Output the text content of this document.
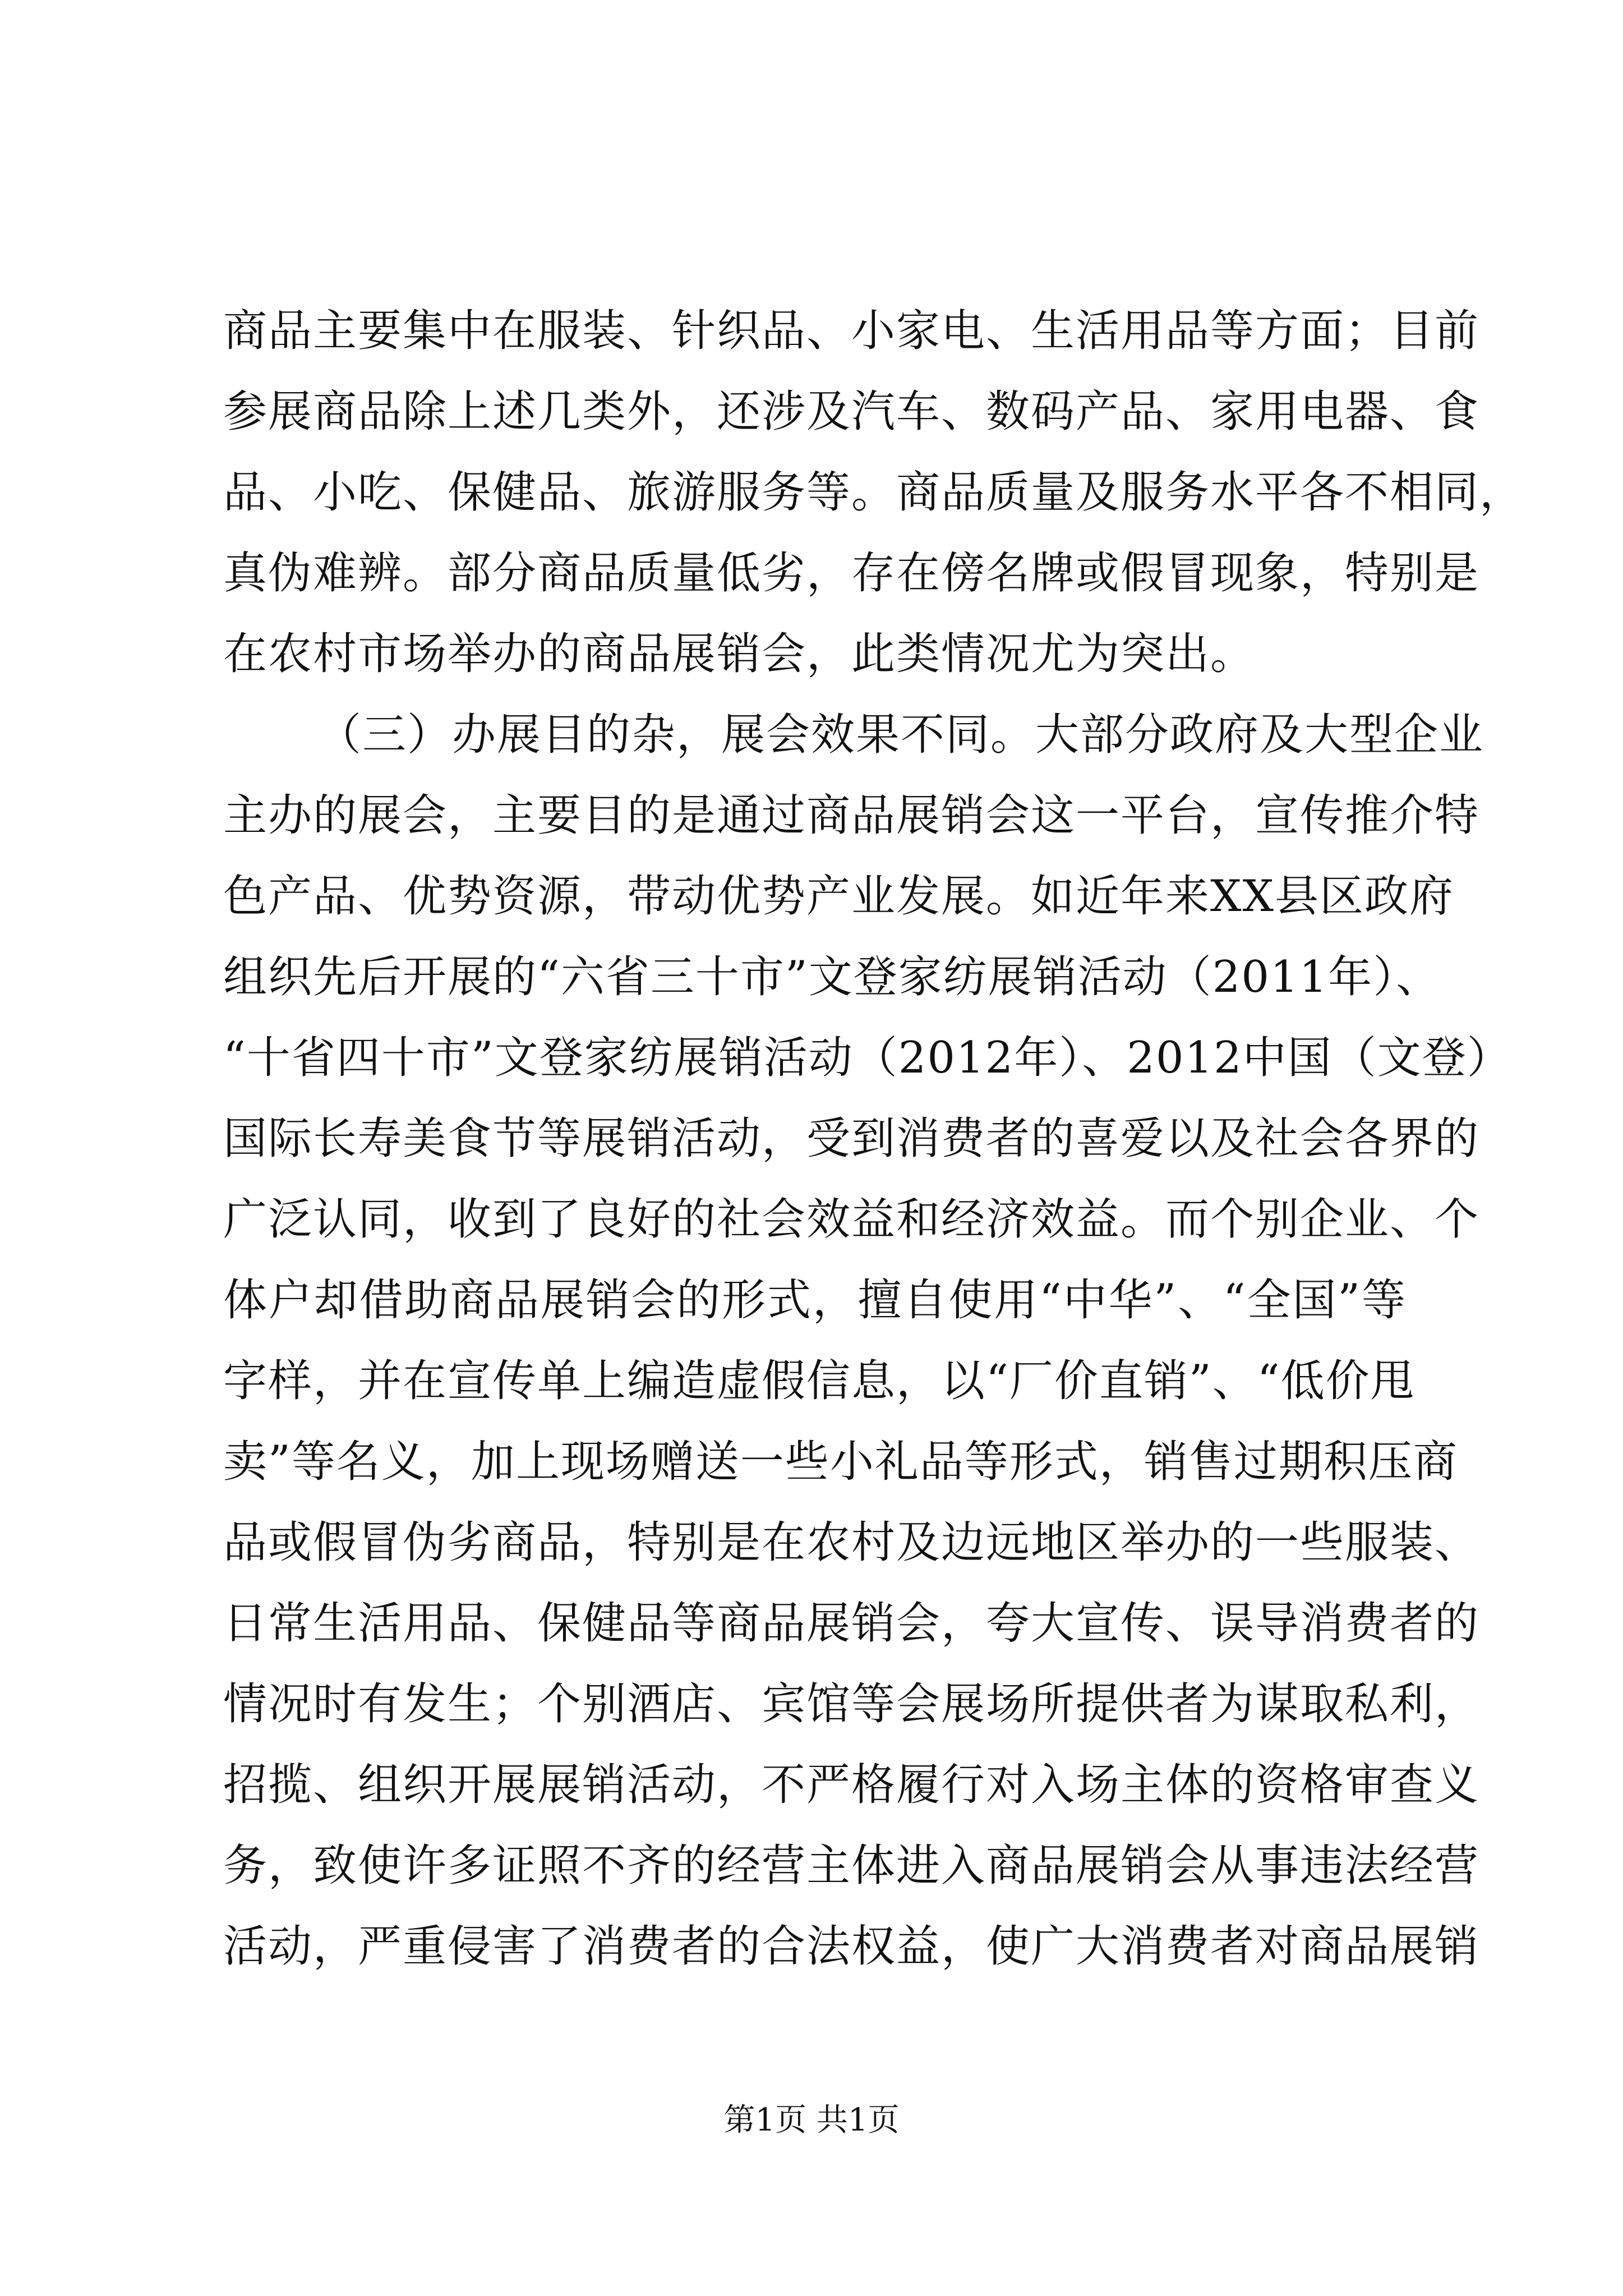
商品主要集中在服装、针织品、小家电、生活用品等方面；目前
参展商品除上述几类外，还涉及汽车、数码产品、家用电器、食
品、小吃、保健品、旅游服务等。商品质量及服务水平各不相同，
真伪难辨。部分商品质量低劣，存在傍名牌或假冒现象，特别是
在农村市场举办的商品展销会，此类情况尤为突出。
（三）办展目的杂，展会效果不同。大部分政府及大型企业
主办的展会，主要目的是通过商品展销会这一平台，宣传推介特
色产品、优势资源，带动优势产业发展。如近年来XX县区政府
组织先后开展的“六省三十市”文登家纺展销活动（2011年）、
“十省四十市”文登家纺展销活动（2012年）、2012中国（文登）
国际长寿美食节等展销活动，受到消费者的喜爱以及社会各界的
广泛认同，收到了良好的社会效益和经济效益。而个别企业、个
体户却借助商品展销会的形式，擅自使用“中华”、“全国”等
字样，并在宣传单上编造虚假信息，以“厂价直销”、“低价甩
卖”等名义，加上现场赠送一些小礼品等形式，销售过期积压商
品或假冒伪劣商品，特别是在农村及边远地区举办的一些服装、
日常生活用品、保健品等商品展销会，夸大宣传、误导消费者的
情况时有发生；个别酒店、宾馆等会展场所提供者为谋取私利，
招揽、组织开展展销活动，不严格履行对入场主体的资格审查义
务，致使许多证照不齐的经营主体进入商品展销会从事违法经营
活动，严重侵害了消费者的合法权益，使广大消费者对商品展销
第1页 共1页
